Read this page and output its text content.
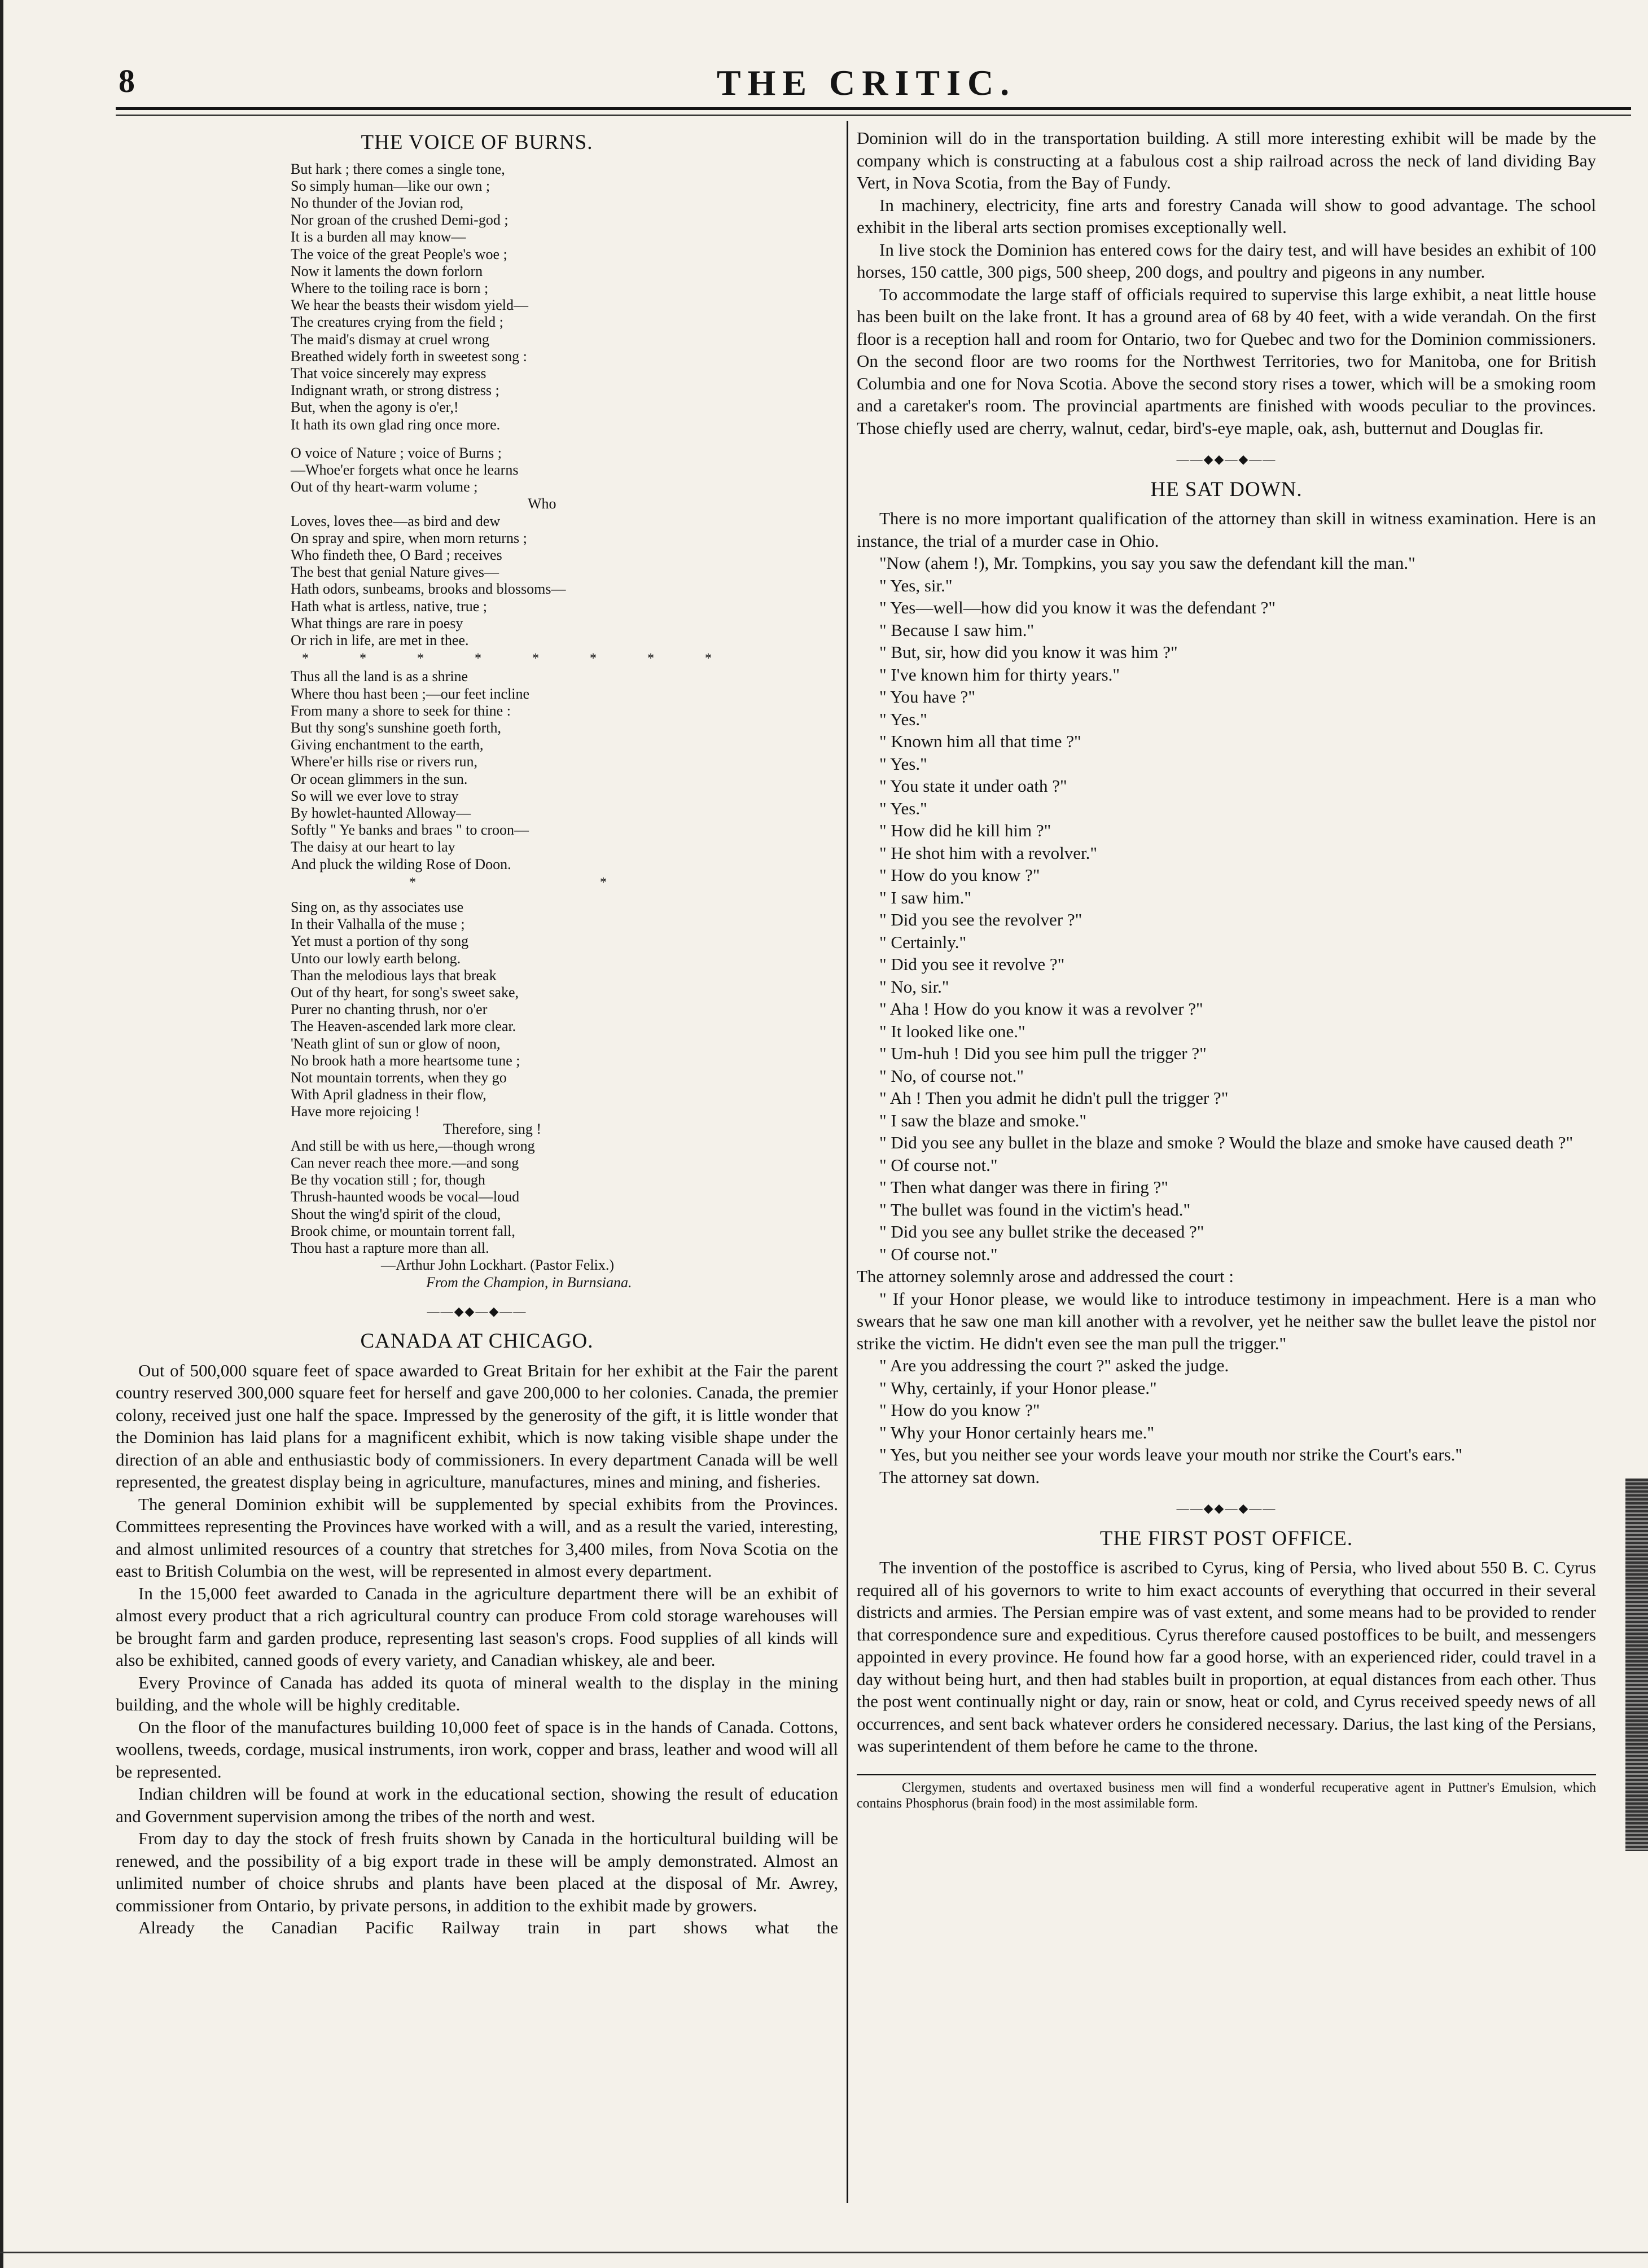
8	THE CRITIC.
THE VOICE OF BURNS.
But hark ; there comes a single tone,
So simply human—like our own ;
No thunder of the Jovian rod,
Nor groan of the crushed Demi-god ;
It is a burden all may know—
The voice of the great People's woe ;
Now it laments the down forlorn
Where to the toiling race is born ;
We hear the beasts their wisdom yield—
The creatures crying from the field ;
The maid's dismay at cruel wrong
Breathed widely forth in sweetest song :
That voice sincerely may express
Indignant wrath, or strong distress ;
But, when the agony is o'er,!
It hath its own glad ring once more.
O voice of Nature ; voice of Burns ;
—Whoe'er forgets what once he learns
Out of thy heart-warm volume ;
Who
Loves, loves thee—as bird and dew
On spray and spire, when morn returns ;
Who findeth thee, O Bard ; receives
The best that genial Nature gives—
Hath odors, sunbeams, brooks and blossoms—
Hath what is artless, native, true ;
What things are rare in poesy
Or rich in life, are met in thee.
* * * * * * * *
Thus all the land is as a shrine
Where thou hast been ;—our feet incline
From many a shore to seek for thine :
But thy song's sunshine goeth forth,
Giving enchantment to the earth,
Where'er hills rise or rivers run,
Or ocean glimmers in the sun.
So will we ever love to stray
By howlet-haunted Alloway—
Softly " Ye banks and braes " to croon—
The daisy at our heart to lay
And pluck the wilding Rose of Doon.
* *
Sing on, as thy associates use
In their Valhalla of the muse ;
Yet must a portion of thy song
Unto our lowly earth belong.
Than the melodious lays that break
Out of thy heart, for song's sweet sake,
Purer no chanting thrush, nor o'er
The Heaven-ascended lark more clear.
'Neath glint of sun or glow of noon,
No brook hath a more heartsome tune ;
Not mountain torrents, when they go
With April gladness in their flow,
Have more rejoicing !
Therefore, sing !
And still be with us here,—though wrong
Can never reach thee more.—and song
Be thy vocation still ; for, though
Thrush-haunted woods be vocal—loud
Shout the wing'd spirit of the cloud,
Brook chime, or mountain torrent fall,
Thou hast a rapture more than all.
—Arthur John Lockhart. (Pastor Felix.)
From the Champion, in Burnsiana.
——◆◆—◆——
CANADA AT CHICAGO.

Out of 500,000 square feet of space awarded to Great Britain for her exhibit at the Fair the parent country reserved 300,000 square feet for herself and gave 200,000 to her colonies. Canada, the premier colony, received just one half the space. Impressed by the generosity of the gift, it is little wonder that the Dominion has laid plans for a magnificent exhibit, which is now taking visible shape under the direction of an able and enthusiastic body of commissioners. In every department Canada will be well represented, the greatest display being in agriculture, manufactures, mines and mining, and fisheries.

The general Dominion exhibit will be supplemented by special exhibits from the Provinces. Committees representing the Provinces have worked with a will, and as a result the varied, interesting, and almost unlimited resources of a country that stretches for 3,400 miles, from Nova Scotia on the east to British Columbia on the west, will be represented in almost every department.

In the 15,000 feet awarded to Canada in the agriculture department there will be an exhibit of almost every product that a rich agricultural country can produce From cold storage warehouses will be brought farm and garden produce, representing last season's crops. Food supplies of all kinds will also be exhibited, canned goods of every variety, and Canadian whiskey, ale and beer.

Every Province of Canada has added its quota of mineral wealth to the display in the mining building, and the whole will be highly creditable.

On the floor of the manufactures building 10,000 feet of space is in the hands of Canada. Cottons, woollens, tweeds, cordage, musical instruments, iron work, copper and brass, leather and wood will all be represented.

Indian children will be found at work in the educational section, showing the result of education and Government supervision among the tribes of the north and west.

From day to day the stock of fresh fruits shown by Canada in the horticultural building will be renewed, and the possibility of a big export trade in these will be amply demonstrated. Almost an unlimited number of choice shrubs and plants have been placed at the disposal of Mr. Awrey, commissioner from Ontario, by private persons, in addition to the exhibit made by growers.

Already the Canadian Pacific Railway train in part shows what the

Dominion will do in the transportation building. A still more interesting exhibit will be made by the company which is constructing at a fabulous cost a ship railroad across the neck of land dividing Bay Vert, in Nova Scotia, from the Bay of Fundy.

In machinery, electricity, fine arts and forestry Canada will show to good advantage. The school exhibit in the liberal arts section promises exceptionally well.

In live stock the Dominion has entered cows for the dairy test, and will have besides an exhibit of 100 horses, 150 cattle, 300 pigs, 500 sheep, 200 dogs, and poultry and pigeons in any number.

To accommodate the large staff of officials required to supervise this large exhibit, a neat little house has been built on the lake front. It has a ground area of 68 by 40 feet, with a wide verandah. On the first floor is a reception hall and room for Ontario, two for Quebec and two for the Dominion commissioners. On the second floor are two rooms for the Northwest Territories, two for Manitoba, one for British Columbia and one for Nova Scotia. Above the second story rises a tower, which will be a smoking room and a caretaker's room. The provincial apartments are finished with woods peculiar to the provinces. Those chiefly used are cherry, walnut, cedar, bird's-eye maple, oak, ash, butternut and Douglas fir.

——◆◆—◆——
HE SAT DOWN.

There is no more important qualification of the attorney than skill in witness examination. Here is an instance, the trial of a murder case in Ohio.

"Now (ahem !), Mr. Tompkins, you say you saw the defendant kill the man."

" Yes, sir."
" Yes—well—how did you know it was the defendant ?"
" Because I saw him."
" But, sir, how did you know it was him ?"
" I've known him for thirty years."
" You have ?"
" Yes."
" Known him all that time ?"
" Yes."
" You state it under oath ?"
" Yes."
" How did he kill him ?"
" He shot him with a revolver."
" How do you know ?"
" I saw him."
" Did you see the revolver ?"
" Certainly."
" Did you see it revolve ?"
" No, sir."
" Aha ! How do you know it was a revolver ?"
" It looked like one."
" Um-huh ! Did you see him pull the trigger ?"
" No, of course not."
" Ah ! Then you admit he didn't pull the trigger ?"
" I saw the blaze and smoke."

" Did you see any bullet in the blaze and smoke ? Would the blaze and smoke have caused death ?"

" Of course not."
" Then what danger was there in firing ?"
" The bullet was found in the victim's head."
" Did you see any bullet strike the deceased ?"
" Of course not."

The attorney solemnly arose and addressed the court :

" If your Honor please, we would like to introduce testimony in impeachment. Here is a man who swears that he saw one man kill another with a revolver, yet he neither saw the bullet leave the pistol nor strike the victim. He didn't even see the man pull the trigger."

" Are you addressing the court ?" asked the judge.
" Why, certainly, if your Honor please."
" How do you know ?"
" Why your Honor certainly hears me."

" Yes, but you neither see your words leave your mouth nor strike the Court's ears."

The attorney sat down.
——◆◆—◆——
THE FIRST POST OFFICE.

The invention of the postoffice is ascribed to Cyrus, king of Persia, who lived about 550 B. C. Cyrus required all of his governors to write to him exact accounts of everything that occurred in their several districts and armies. The Persian empire was of vast extent, and some means had to be provided to render that correspondence sure and expeditious. Cyrus therefore caused postoffices to be built, and messengers appointed in every province. He found how far a good horse, with an experienced rider, could travel in a day without being hurt, and then had stables built in proportion, at equal distances from each other. Thus the post went continually night or day, rain or snow, heat or cold, and Cyrus received speedy news of all occurrences, and sent back whatever orders he considered necessary. Darius, the last king of the Persians, was superintendent of them before he came to the throne.

Clergymen, students and overtaxed business men will find a wonderful recuperative agent in Puttner's Emulsion, which contains Phosphorus (brain food) in the most assimilable form.
